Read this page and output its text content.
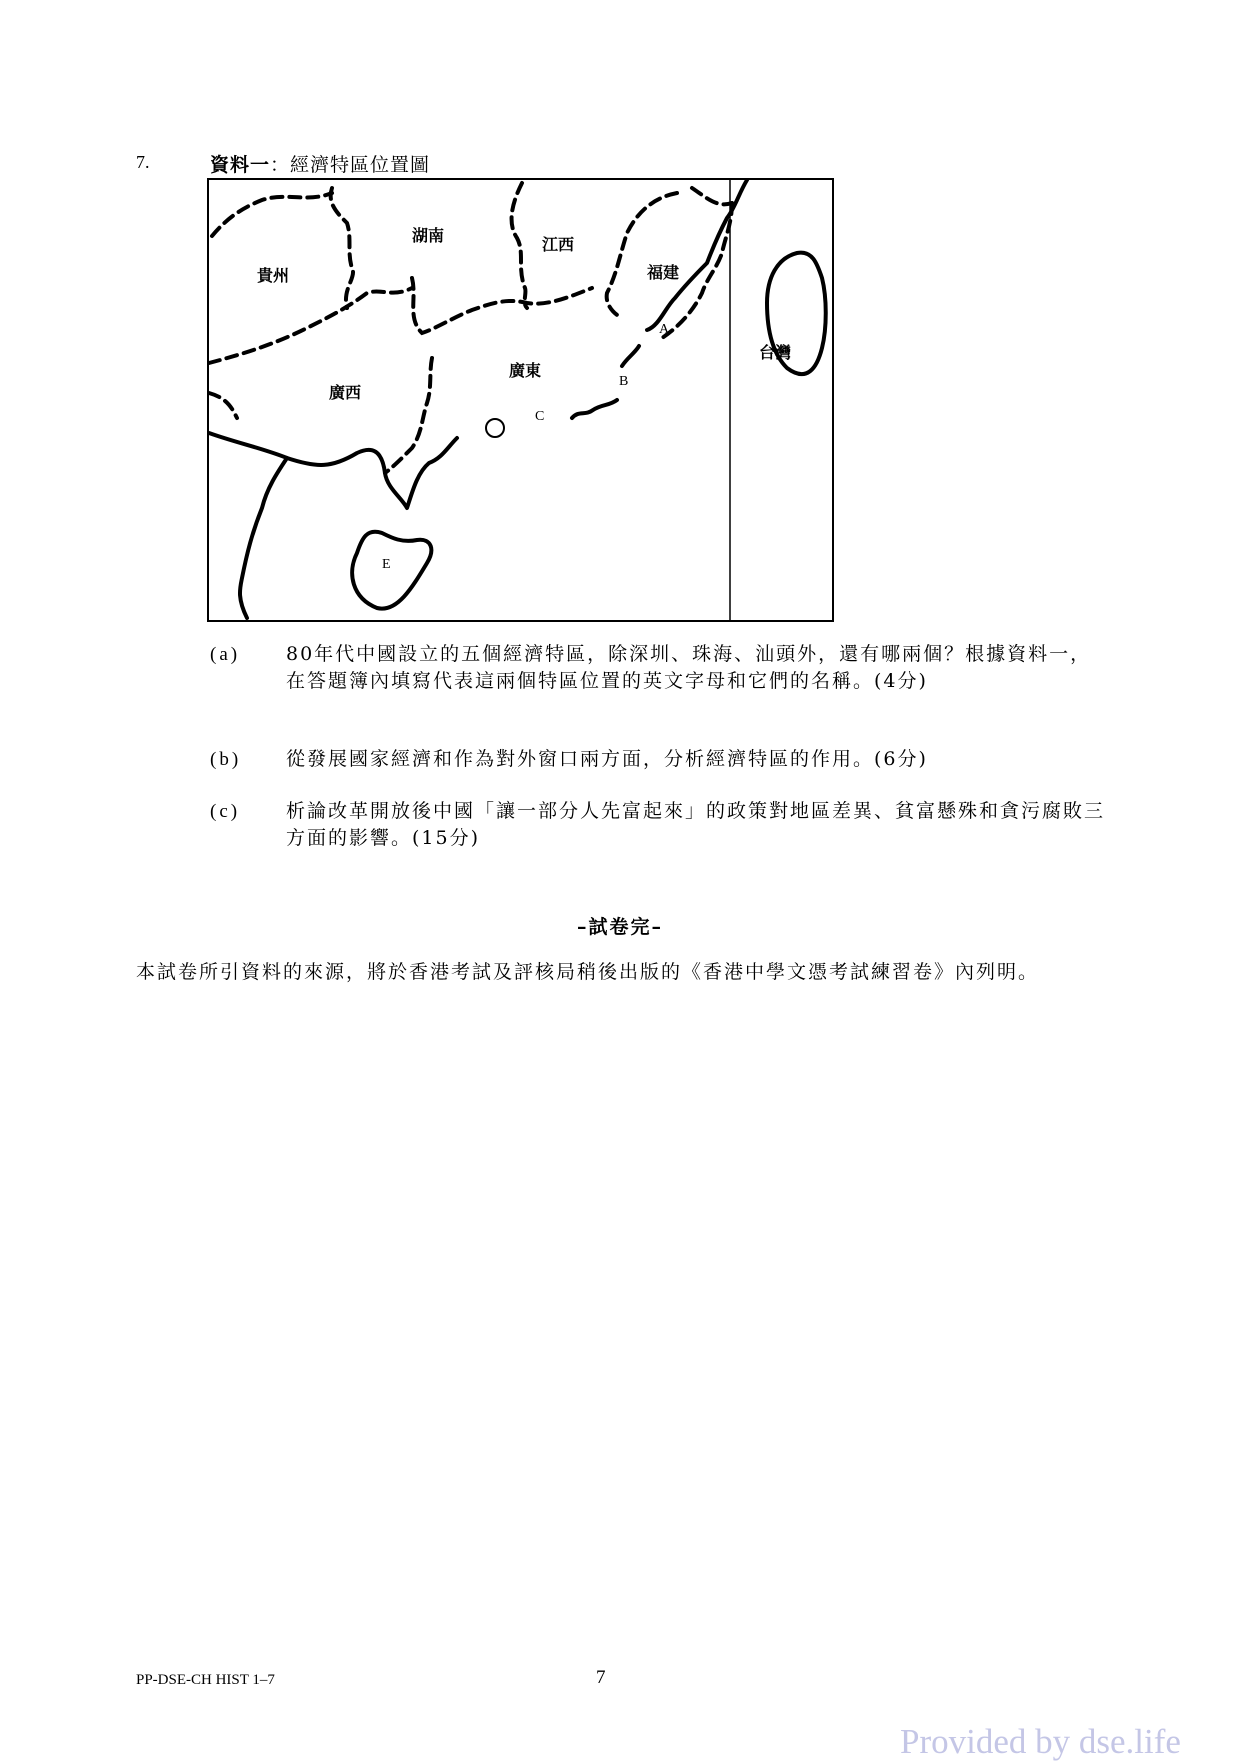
7.	資料一：經濟特區位置圖
貴州
湖南	江西
福建
廣西
廣東
台灣
A
B
C
E
(a) 80年代中國設立的五個經濟特區，除深圳、珠海、汕頭外，還有哪兩個？根據資料一，在答題簿內填寫代表這兩個特區位置的英文字母和它們的名稱。(4分)
(b) 從發展國家經濟和作為對外窗口兩方面，分析經濟特區的作用。(6分)
(c) 析論改革開放後中國「讓一部分人先富起來」的政策對地區差異、貧富懸殊和貪污腐敗三方面的影響。(15分)
–試卷完–
本試卷所引資料的來源，將於香港考試及評核局稍後出版的《香港中學文憑考試練習卷》內列明。
PP-DSE-CH HIST 1–7	7
Provided by dse.life
